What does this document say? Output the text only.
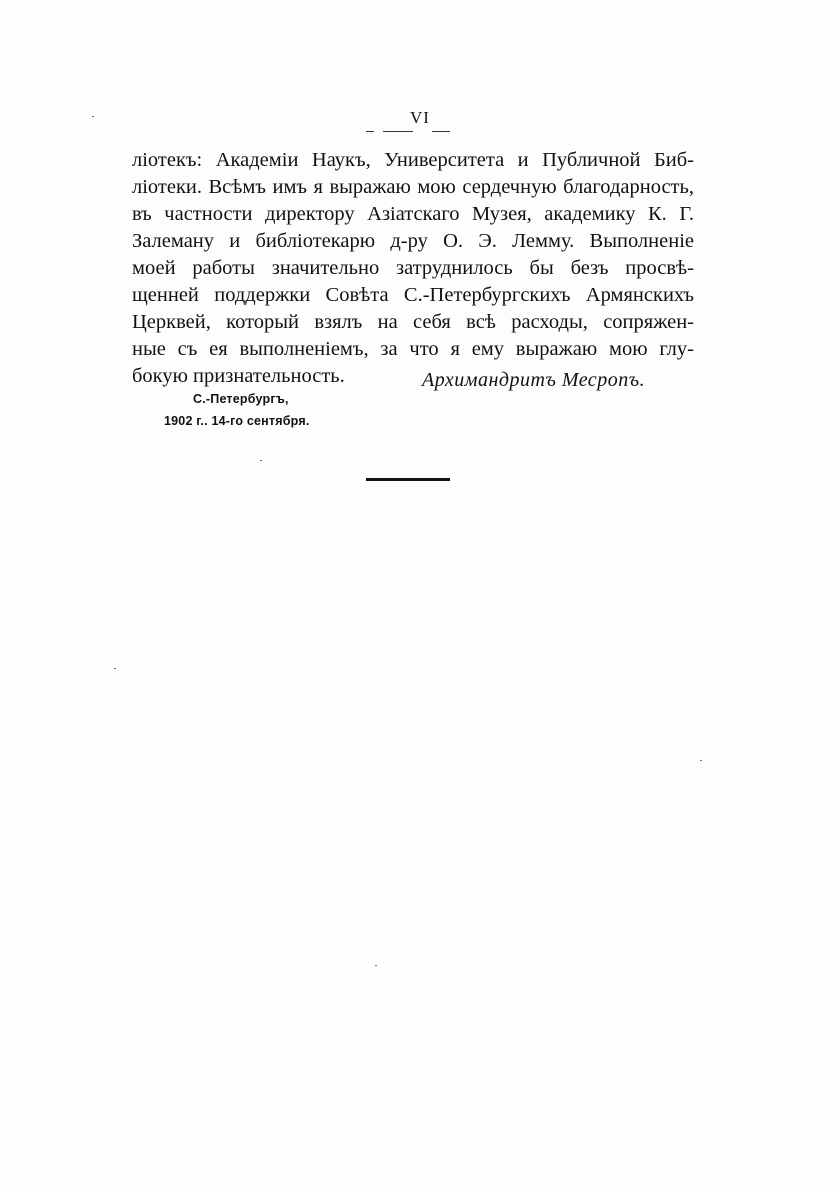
VI
ліотекъ: Академіи Наукъ, Университета и Публичной Биб-
ліотеки. Всѣмъ имъ я выражаю мою сердечную благодарность,
въ частности директору Азіатскаго Музея, академику К. Г.
Залеману и библіотекарю д-ру О. Э. Лемму. Выполненіе
моей работы значительно затруднилось бы безъ просвѣ-
щенней поддержки Совѣта С.-Петербургскихъ Армянскихъ
Церквей, который взялъ на себя всѣ расходы, сопряжен-
ные съ ея выполненіемъ, за что я ему выражаю мою глу-
бокую признательность.	Архимандритъ Месропъ.
С.-Петербургъ,
1902 г.. 14-го сентября.
